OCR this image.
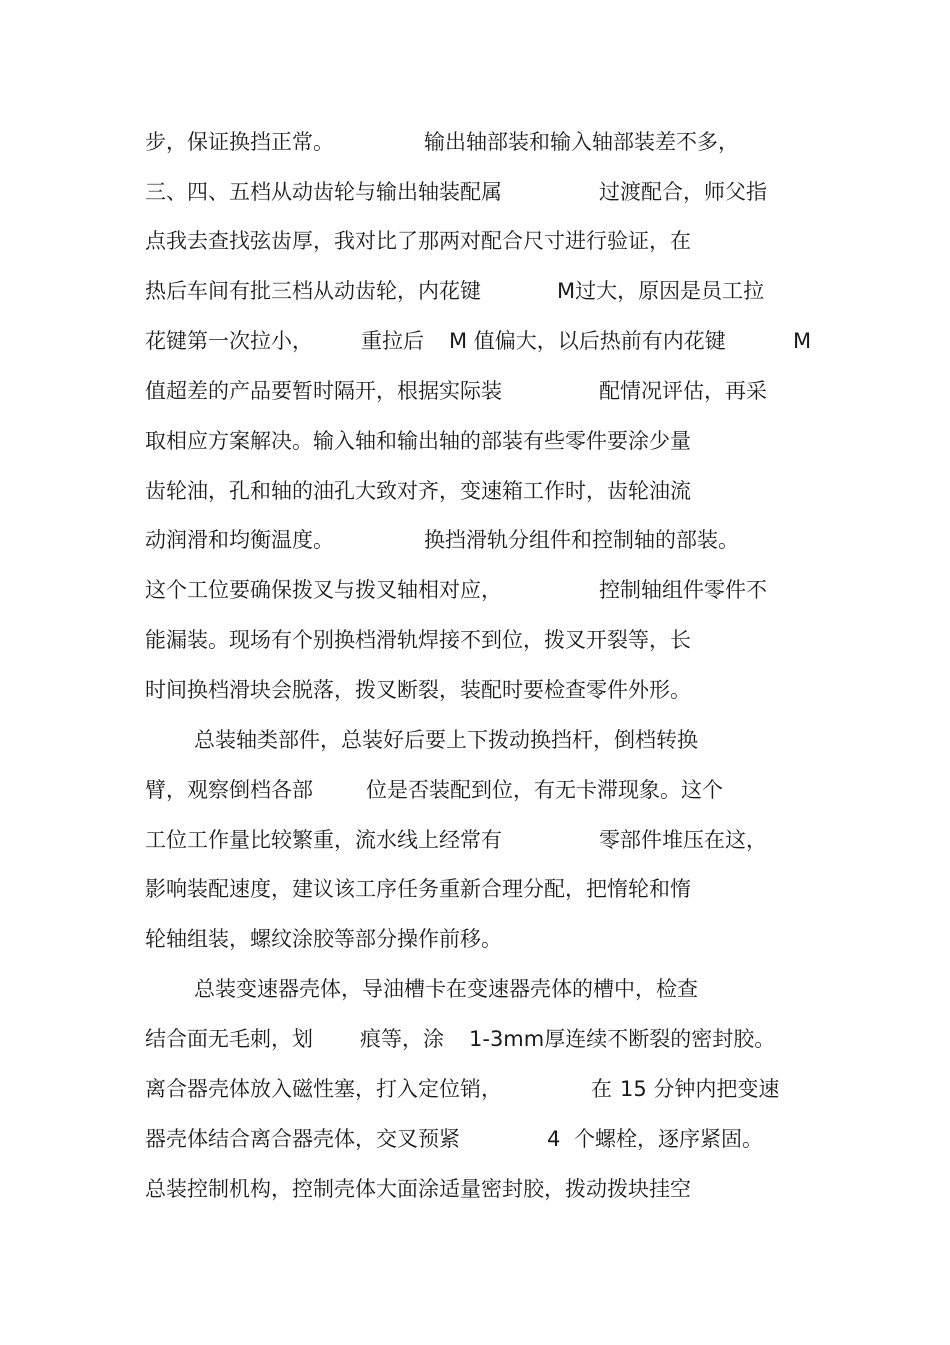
步，保证换挡正常。	输出轴部装和输入轴部装差不多，
三、四、五档从动齿轮与输出轴装配属	过渡配合，师父指
点我去查找弦齿厚，我对比了那两对配合尺寸进行验证，在
热后车间有批三档从动齿轮，内花键	M过大，原因是员工拉
花键第一次拉小， 重拉后 M 值偏大，以后热前有内花键	M
值超差的产品要暂时隔开，根据实际装	配情况评估，再采
取相应方案解决。输入轴和输出轴的部装有些零件要涂少量
齿轮油，孔和轴的油孔大致对齐，变速箱工作时，齿轮油流
动润滑和均衡温度。	换挡滑轨分组件和控制轴的部装。
这个工位要确保拨叉与拨叉轴相对应，	控制轴组件零件不
能漏装。现场有个别换档滑轨焊接不到位，拨叉开裂等，长
时间换档滑块会脱落，拨叉断裂，装配时要检查零件外形。
总装轴类部件，总装好后要上下拨动换挡杆，倒档转换
臂，观察倒档各部	位是否装配到位，有无卡滞现象。这个
工位工作量比较繁重，流水线上经常有	零部件堆压在这，
影响装配速度，建议该工序任务重新合理分配，把惰轮和惰
轮轴组装，螺纹涂胶等部分操作前移。
总装变速器壳体，导油槽卡在变速器壳体的槽中，检查
结合面无毛刺，划 痕等，涂 1-3mm厚连续不断裂的密封胶。
离合器壳体放入磁性塞，打入定位销，	在 15 分钟内把变速
器壳体结合离合器壳体，交叉预紧	4 个螺栓，逐序紧固。
总装控制机构，控制壳体大面涂适量密封胶，拨动拨块挂空
